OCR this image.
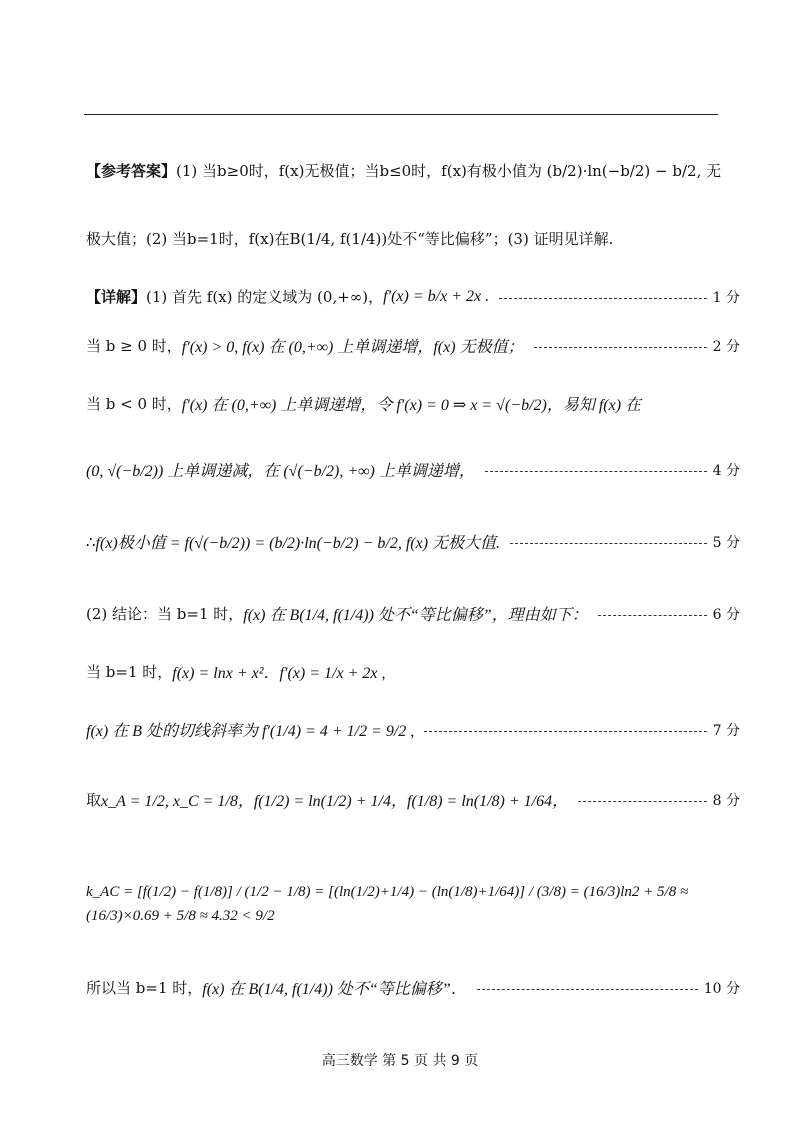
【参考答案】 (1) 当b≥0时，f(x)无极值；当b≤0时，f(x)有极小值为 (b/2)·ln(−b/2) − b/2, 无
极大值；(2) 当b=1时，f(x)在B(1/4, f(1/4))处不“等比偏移”；(3) 证明见详解.
【详解】 (1) 首先 f(x) 的定义域为 (0,+∞)， f′(x) = b/x + 2x .	1 分
当 b ≥ 0 时， f′(x) > 0, f(x) 在 (0,+∞) 上单调递增，f(x) 无极值；	2 分
当 b < 0 时， f′(x) 在 (0,+∞) 上单调递增，令 f′(x) = 0 ⇒ x = √(−b/2)，易知 f(x) 在
(0, √(−b/2)) 上单调递减，在 (√(−b/2), +∞) 上单调递增，	4 分
∴ f(x)极小值 = f(√(−b/2)) = (b/2)·ln(−b/2) − b/2, f(x) 无极大值.	5 分
(2) 结论：当 b=1 时， f(x) 在 B(1/4, f(1/4)) 处不“等比偏移”，理由如下：	6 分
当 b=1 时， f(x) = lnx + x²．f′(x) = 1/x + 2x ,
f(x) 在 B 处的切线斜率为 f′(1/4) = 4 + 1/2 = 9/2 ,	7 分
取 x_A = 1/2, x_C = 1/8，f(1/2) = ln(1/2) + 1/4，f(1/8) = ln(1/8) + 1/64，	8 分
k_AC = [f(1/2) − f(1/8)] / (1/2 − 1/8) = [(ln(1/2)+1/4) − (ln(1/8)+1/64)] / (3/8) = (16/3)ln2 + 5/8 ≈ (16/3)×0.69 + 5/8 ≈ 4.32 < 9/2
所以当 b=1 时， f(x) 在 B(1/4, f(1/4)) 处不“等比偏移”．	10 分
高三数学 第 5 页 共 9 页
